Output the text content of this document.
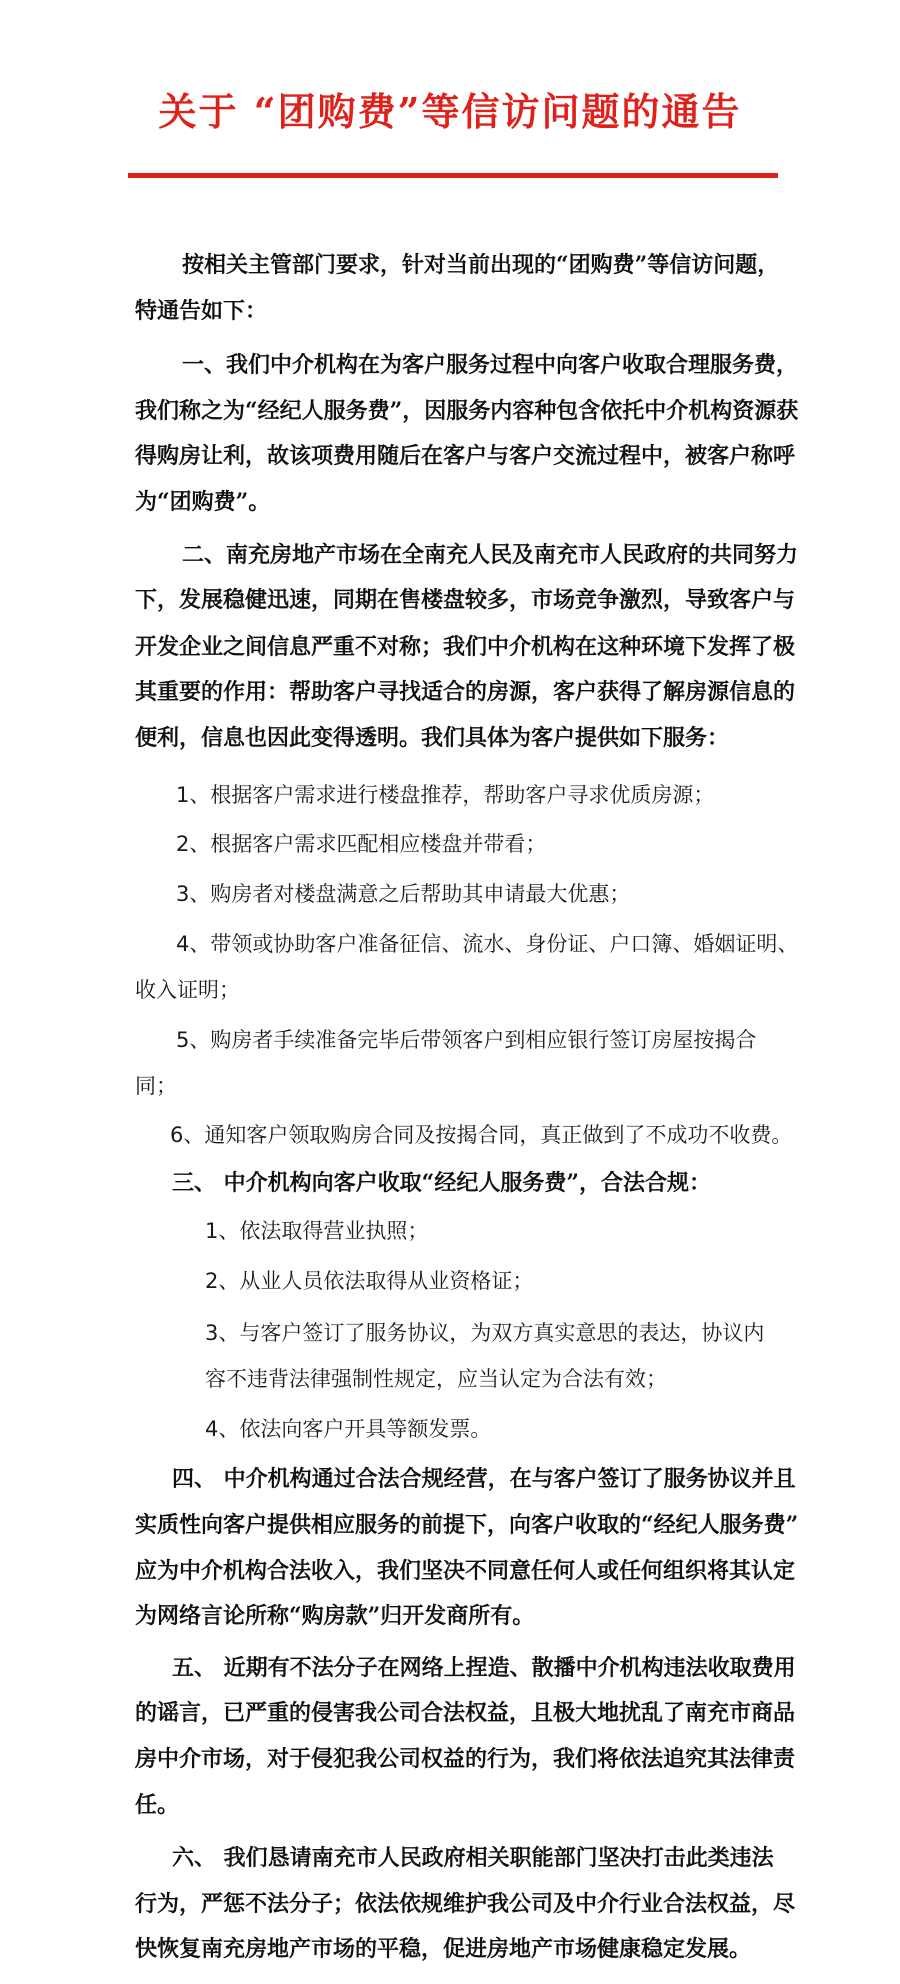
关于 “团购费”等信访问题的通告
按相关主管部门要求，针对当前出现的“团购费”等信访问题，
特通告如下：
一、我们中介机构在为客户服务过程中向客户收取合理服务费，
我们称之为“经纪人服务费”，因服务内容种包含依托中介机构资源获
得购房让利，故该项费用随后在客户与客户交流过程中，被客户称呼
为“团购费”。
二、南充房地产市场在全南充人民及南充市人民政府的共同努力
下，发展稳健迅速，同期在售楼盘较多，市场竞争激烈，导致客户与
开发企业之间信息严重不对称；我们中介机构在这种环境下发挥了极
其重要的作用：帮助客户寻找适合的房源，客户获得了解房源信息的
便利，信息也因此变得透明。我们具体为客户提供如下服务：
1、根据客户需求进行楼盘推荐，帮助客户寻求优质房源；
2、根据客户需求匹配相应楼盘并带看；
3、购房者对楼盘满意之后帮助其申请最大优惠；
4、带领或协助客户准备征信、流水、身份证、户口簿、婚姻证明、
收入证明；
5、购房者手续准备完毕后带领客户到相应银行签订房屋按揭合
同；
6、通知客户领取购房合同及按揭合同，真正做到了不成功不收费。
三、 中介机构向客户收取“经纪人服务费”，合法合规：
1、依法取得营业执照；
2、从业人员依法取得从业资格证；
3、与客户签订了服务协议，为双方真实意思的表达，协议内
容不违背法律强制性规定，应当认定为合法有效；
4、依法向客户开具等额发票。
四、 中介机构通过合法合规经营，在与客户签订了服务协议并且
实质性向客户提供相应服务的前提下，向客户收取的“经纪人服务费”
应为中介机构合法收入，我们坚决不同意任何人或任何组织将其认定
为网络言论所称“购房款”归开发商所有。
五、 近期有不法分子在网络上捏造、散播中介机构违法收取费用
的谣言，已严重的侵害我公司合法权益，且极大地扰乱了南充市商品
房中介市场，对于侵犯我公司权益的行为，我们将依法追究其法律责
任。
六、 我们恳请南充市人民政府相关职能部门坚决打击此类违法
行为，严惩不法分子；依法依规维护我公司及中介行业合法权益，尽
快恢复南充房地产市场的平稳，促进房地产市场健康稳定发展。
